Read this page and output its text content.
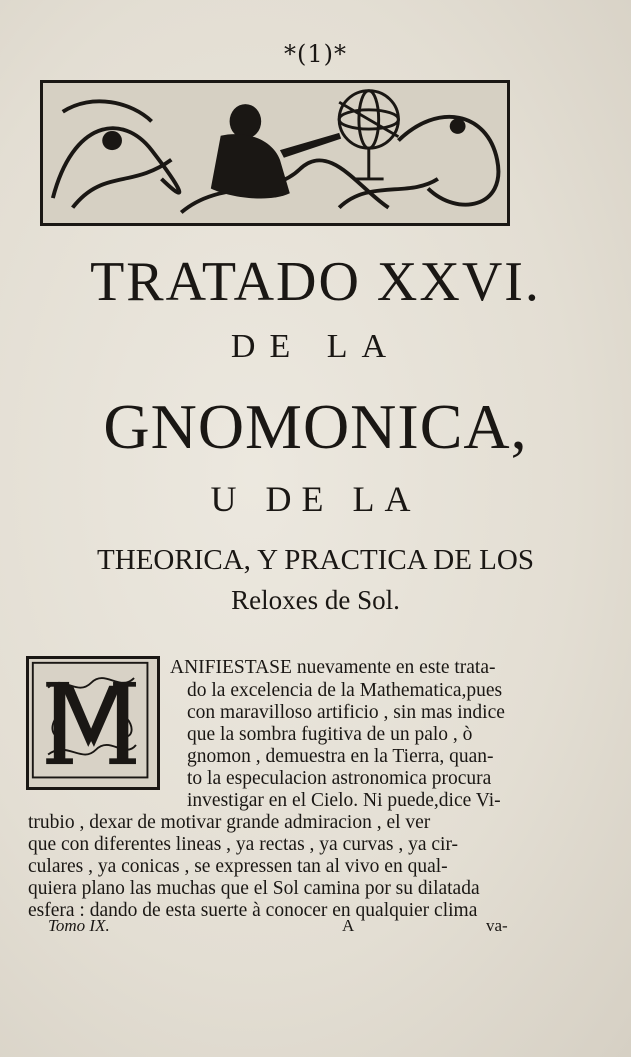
*(1)*
TRATADO XXVI.
DE LA
GNOMONICA,
U DE LA
THEORICA, Y PRACTICA DE LOS
Reloxes de Sol.
ANIFIESTASE nuevamente en este trata-
do la excelencia de la Mathematica,pues
con maravilloso artificio , sin mas indice
que la sombra fugitiva de un palo , ò
gnomon , demuestra en la Tierra, quan-
to la especulacion astronomica procura
investigar en el Cielo. Ni puede,dice Vi-
trubio , dexar de motivar grande admiracion , el ver
que con diferentes lineas , ya rectas , ya curvas , ya cir-
culares , ya conicas , se expressen tan al vivo en qual-
quiera plano las muchas que el Sol camina por su dilatada
esfera : dando de esta suerte à conocer en qualquier clima
Tomo IX.	A	va-
